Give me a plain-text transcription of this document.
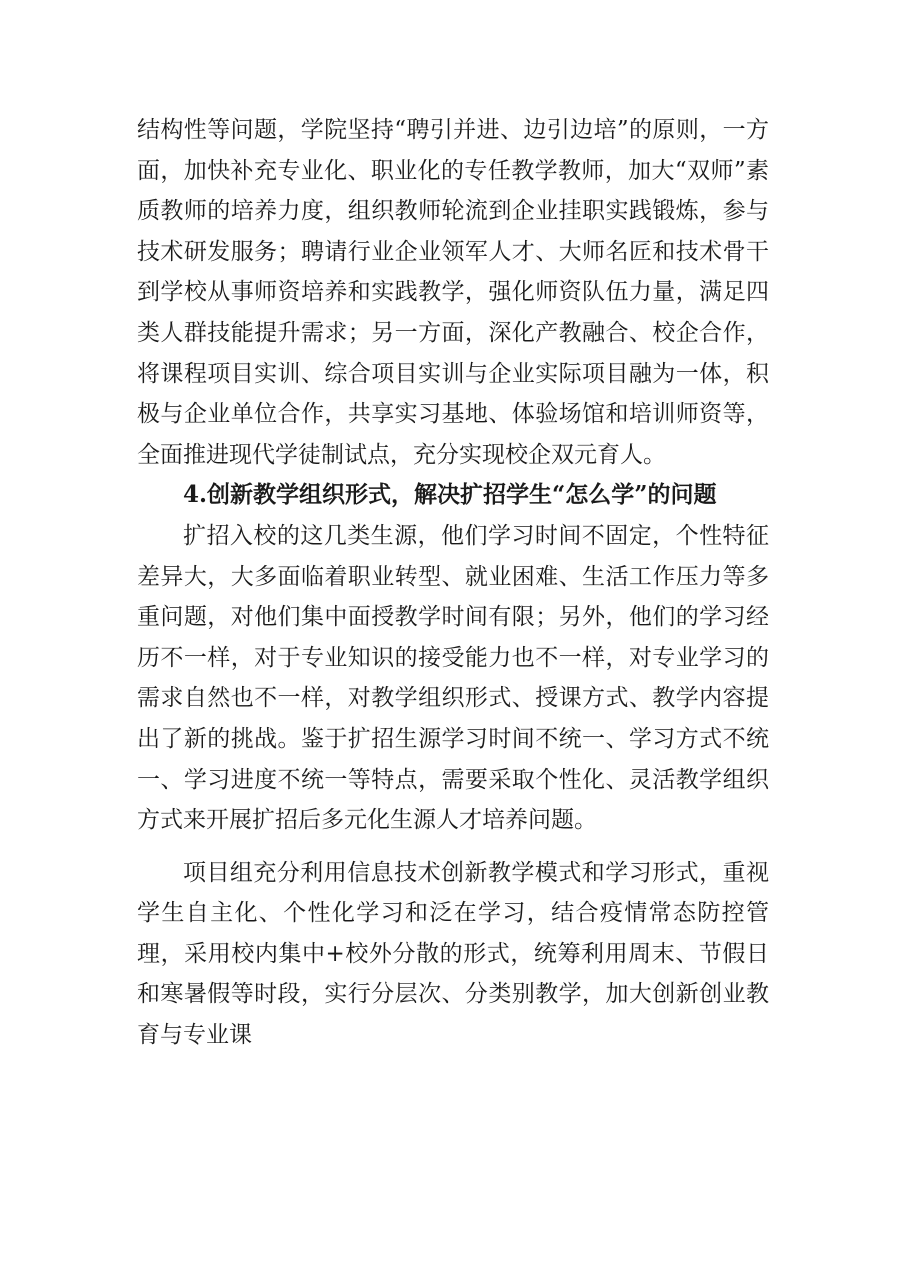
结构性等问题，学院坚持“聘引并进、边引边培”的原则，一方面，加快补充专业化、职业化的专任教学教师，加大“双师”素质教师的培养力度，组织教师轮流到企业挂职实践锻炼，参与技术研发服务；聘请行业企业领军人才、大师名匠和技术骨干到学校从事师资培养和实践教学，强化师资队伍力量，满足四类人群技能提升需求；另一方面，深化产教融合、校企合作，将课程项目实训、综合项目实训与企业实际项目融为一体，积极与企业单位合作，共享实习基地、体验场馆和培训师资等，全面推进现代学徒制试点，充分实现校企双元育人。

4.创新教学组织形式，解决扩招学生“怎么学”的问题

扩招入校的这几类生源，他们学习时间不固定，个性特征差异大，大多面临着职业转型、就业困难、生活工作压力等多重问题，对他们集中面授教学时间有限；另外，他们的学习经历不一样，对于专业知识的接受能力也不一样，对专业学习的需求自然也不一样，对教学组织形式、授课方式、教学内容提出了新的挑战。鉴于扩招生源学习时间不统一、学习方式不统一、学习进度不统一等特点，需要采取个性化、灵活教学组织方式来开展扩招后多元化生源人才培养问题。

项目组充分利用信息技术创新教学模式和学习形式，重视学生自主化、个性化学习和泛在学习，结合疫情常态防控管理，采用校内集中+校外分散的形式，统筹利用周末、节假日和寒暑假等时段，实行分层次、分类别教学，加大创新创业教育与专业课
